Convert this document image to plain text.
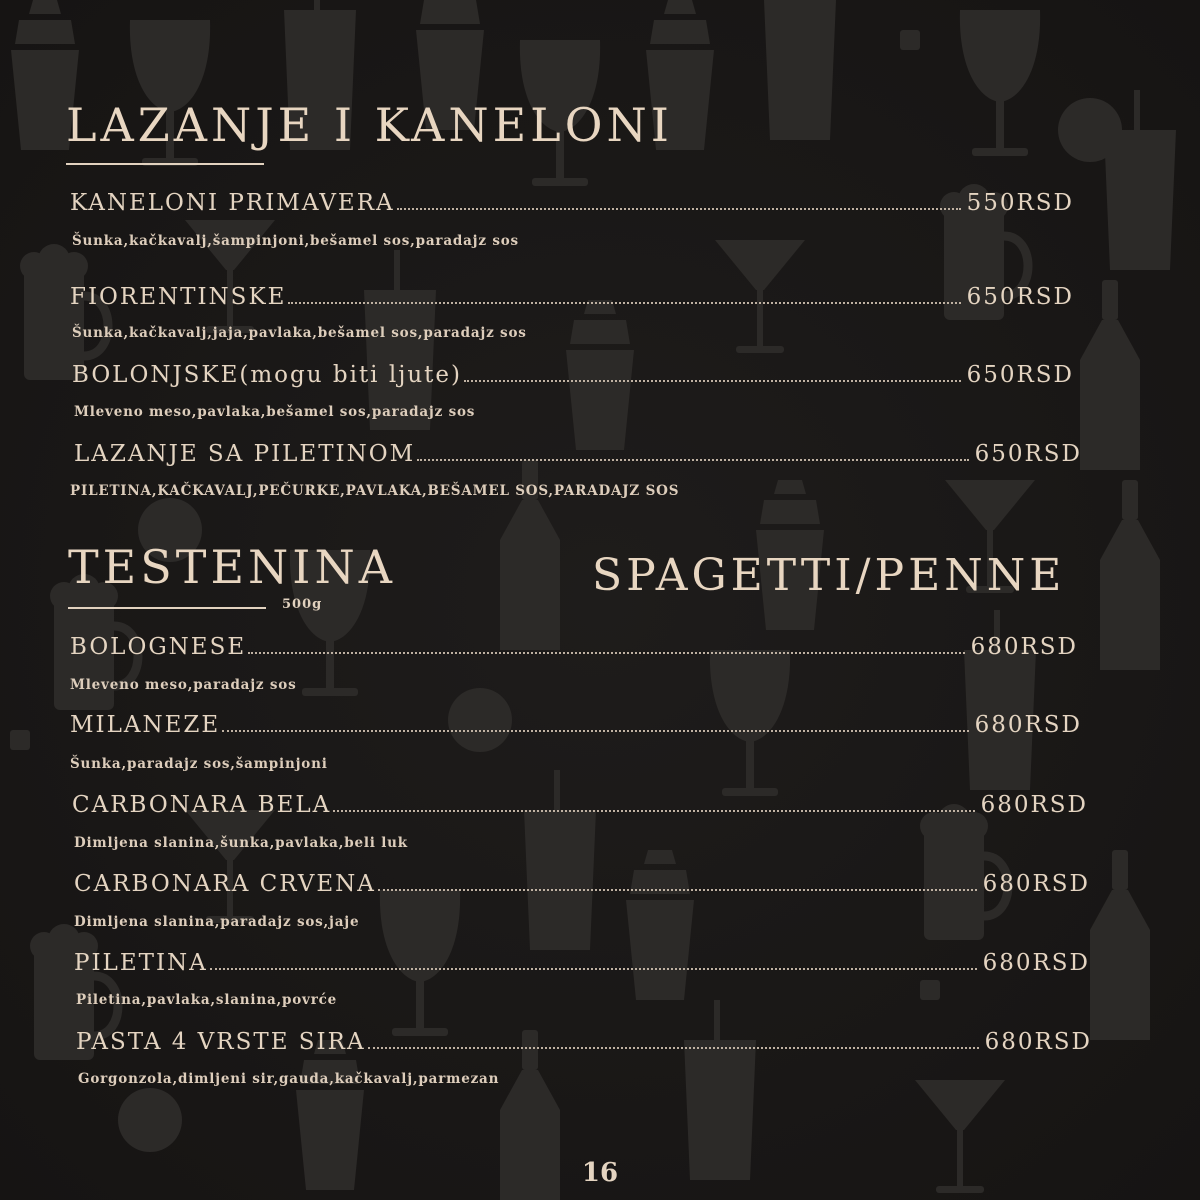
LAZANJE I KANELONI
KANELONI PRIMAVERA	550RSD
Šunka,kačkavalj,šampinjoni,bešamel sos,paradajz sos
FIORENTINSKE	650RSD
Šunka,kačkavalj,jaja,pavlaka,bešamel sos,paradajz sos
BOLONJSKE(mogu biti ljute)	650RSD
Mleveno meso,pavlaka,bešamel sos,paradajz sos
LAZANJE SA PILETINOM	650RSD
PILETINA,KAČKAVALJ,PEČURKE,PAVLAKA,BEŠAMEL SOS,PARADAJZ SOS
TESTENINA	SPAGETTI/PENNE
500g
BOLOGNESE	680RSD
Mleveno meso,paradajz sos
MILANEZE	680RSD
Šunka,paradajz sos,šampinjoni
CARBONARA BELA	680RSD
Dimljena slanina,šunka,pavlaka,beli luk
CARBONARA CRVENA	680RSD
Dimljena slanina,paradajz sos,jaje
PILETINA	680RSD
Piletina,pavlaka,slanina,povrće
PASTA 4 VRSTE SIRA	680RSD
Gorgonzola,dimljeni sir,gauda,kačkavalj,parmezan
16
